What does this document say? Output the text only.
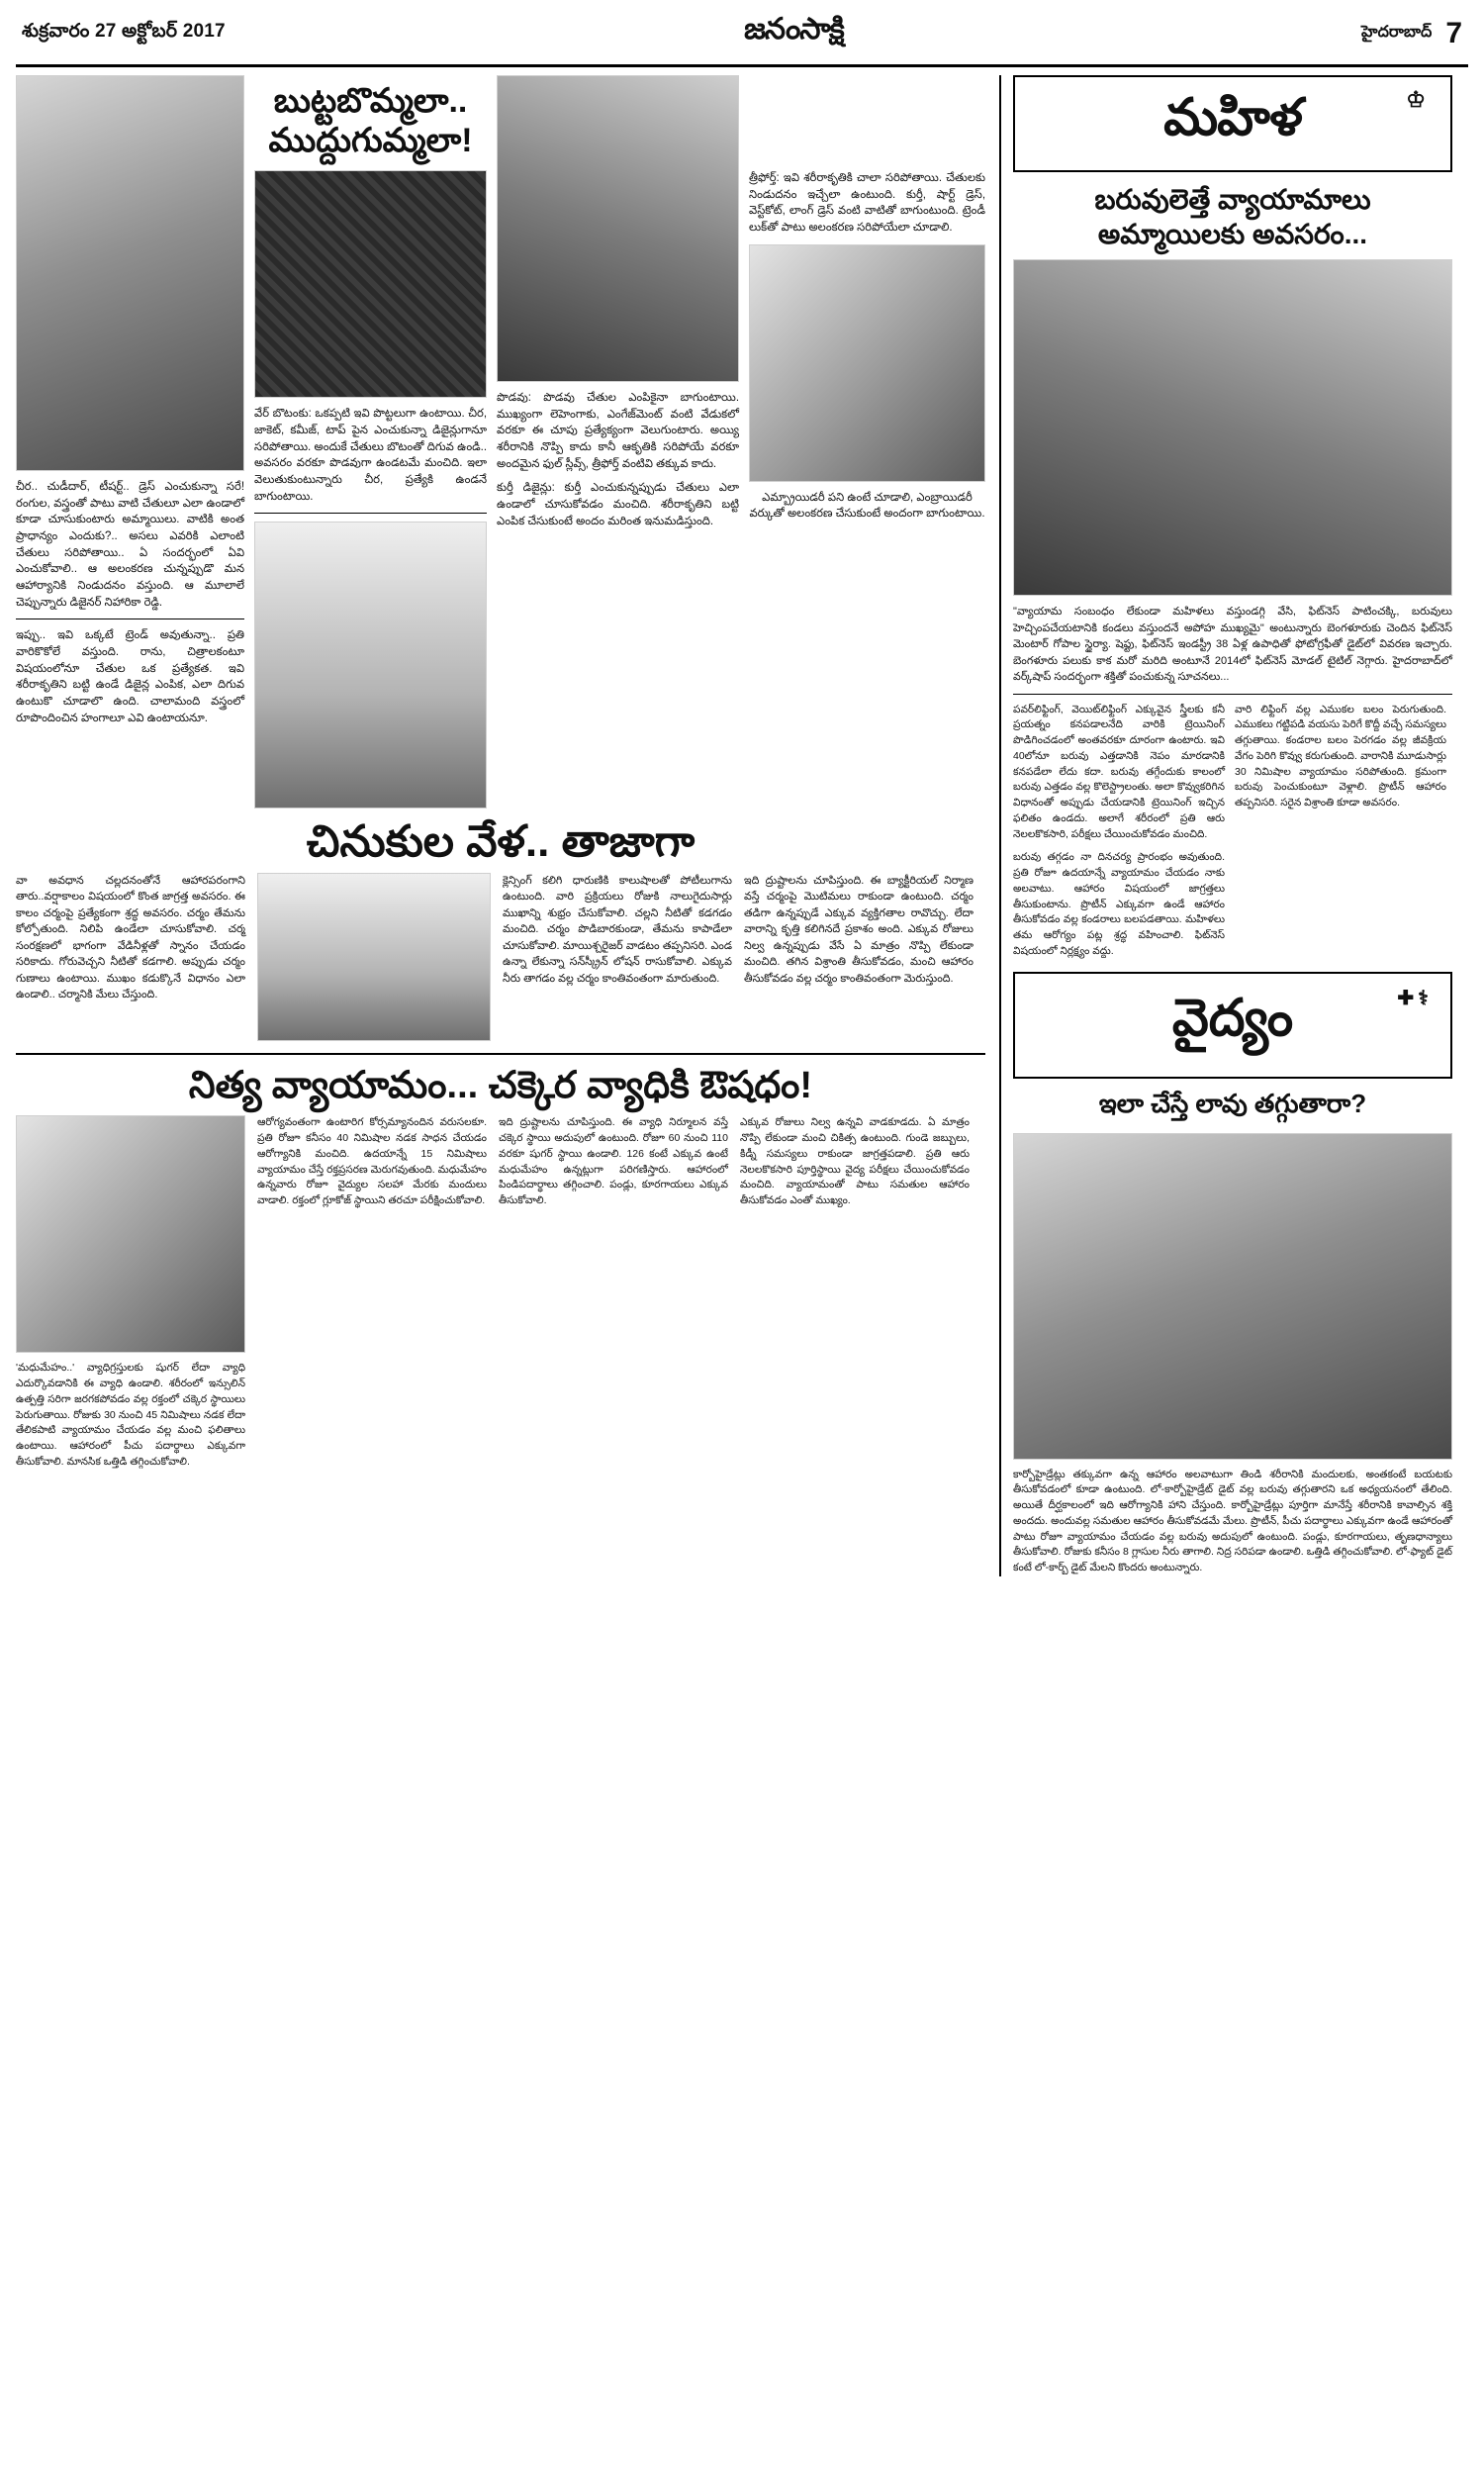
శుక్రవారం 27 అక్టోబర్ 2017	జనంసాక్షి	హైదరాబాద్ 7
చీర.. చుడీదార్, టీషర్ట్.. డ్రెస్ ఎంచుకున్నా సరే! రంగుల, వస్త్రంతో పాటు వాటి చేతులూ ఎలా ఉండాలో కూడా చూసుకుంటారు అమ్మాయిలు. వాటికి అంత ప్రాధాన్యం ఎందుకు?.. అసలు ఎవరికి ఎలాంటి చేతులు సరిపోతాయి.. ఏ సందర్భంలో ఏవి ఎంచుకోవాలి.. ఆ అలంకరణ చున్నప్పుడొ మన ఆహార్యానికి నిండుదనం వస్తుంది. ఆ మూలాలే చెప్పున్నారు డిజైనర్ నిహారికా రెడ్డి.
ఇప్పు.. ఇవి ఒక్కటే ట్రెండ్ అవుతున్నా.. ప్రతి వారికొకోలే వస్తుంది. రాను, చిత్రాలకంటూ విషయంలోనూ చేతుల ఒక ప్రత్యేకత. ఇవి శరీరాకృతిని బట్టి ఉండే డిజైన్ల ఎంపిక, ఎలా దిగువ ఉంటుకొ చూడాలొ ఉంది. చాలామంది వస్త్రంలో రూపొందించిన హంగాలూ ఎవి ఉంటాయనూ.
బుట్టబొమ్మలా..
ముద్దుగుమ్మలా!
వేర్ బొటంకు: ఒకప్పటి ఇవి పొట్టలుగా ఉంటాయి. చీర, జాకెట్, కమీజ్, టాప్ పైన ఎంచుకున్నా డిజైన్లుగానూ సరిపోతాయి. అందుకే చేతులు బొటంతో దిగువ ఉండి.. అవసరం వరకూ పొడవుగా ఉండటమే మంచిది. ఇలా వెలుతుకుంటున్నారు చీర, ప్రత్యేకి ఉండనే బాగుంటాయి.
పొడవు: పొడవు చేతుల ఎంపికైనా బాగుంటాయి. ముఖ్యంగా లెహెంగాకు, ఎంగేజ్‌మెంట్ వంటి వేడుకలో వరకూ ఈ చూపు ప్రత్యేక్యంగా వెలుగుంటారు. అయ్యి శరీరానికి నొప్పి కాదు కానీ ఆకృతికి సరిపోయే వరకూ అందమైన ఫుల్ స్లీవ్స్, త్రీఫోర్త్ వంటివి తక్కువ కాదు.
కుర్తీ డిజైన్లు: కుర్తీ ఎంచుకున్నప్పుడు చేతులు ఎలా ఉండాలో చూసుకోవడం మంచిది. శరీరాకృతిని బట్టి ఎంపిక చేసుకుంటే అందం మరింత ఇనుమడిస్తుంది.
త్రీఫోర్త్: ఇవి శరీరాకృతికి చాలా సరిపోతాయి. చేతులకు నిండుదనం ఇచ్చేలా ఉంటుంది. కుర్తీ, షార్ట్ డ్రెస్, వెస్ట్‌కోట్, లాంగ్ డ్రెస్ వంటి వాటితో బాగుంటుంది. ట్రెండీ లుక్‌తో పాటు అలంకరణ సరిపోయేలా చూడాలి.
ఎమ్బ్రాయిడరీ పని ఉంటే చూడాలి, ఎంబ్రాయిడరీ వర్కుతో అలంకరణ చేసుకుంటే అందంగా బాగుంటాయి.
చినుకుల వేళ.. తాజాగా
వా అవధాన చల్లదనంతోనే ఆహారపరంగాని తారు..వర్షాకాలం విషయంలో కొంత జాగ్రత్త అవసరం. ఈ కాలం చర్మంపై ప్రత్యేకంగా శ్రద్ధ అవసరం. చర్మం తేమను కోల్పోతుంది. నిలిపి ఉండేలా చూసుకోవాలి. చర్మ సంరక్షణలో భాగంగా వేడినీళ్లతో స్నానం చేయడం సరికాదు. గోరువెచ్చని నీటితో కడగాలి. అప్పుడు చర్మం గుణాలు ఉంటాయి. ముఖం కడుక్కొనే విధానం ఎలా ఉండాలి.. చర్మానికి మేలు చేస్తుంది.
క్లెన్సింగ్ కలిగి ధారుణికి కాలుషాలతో పోటీలుగాను ఉంటుంది. వారి ప్రక్రియలు రోజుకి నాలుగైదుసార్లు ముఖాన్ని శుభ్రం చేసుకోవాలి. చల్లని నీటితో కడగడం మంచిది. చర్మం పొడిబారకుండా, తేమను కాపాడేలా చూసుకోవాలి. మాయిశ్చరైజర్ వాడటం తప్పనిసరి. ఎండ ఉన్నా లేకున్నా సన్‌స్క్రీన్ లోషన్ రాసుకోవాలి. ఎక్కువ నీరు తాగడం వల్ల చర్మం కాంతివంతంగా మారుతుంది.
ఇది ద్రుష్టాలను చూపిస్తుంది. ఈ బ్యాక్టీరియల్ నిర్మాణ వస్తే చర్మంపై మొటిమలు రాకుండా ఉంటుంది. చర్మం తడిగా ఉన్నప్పుడే ఎక్కువ వ్యక్తిగతాల రావొచ్చు. లేదా వారాన్ని కృత్తి కలిగినదే ప్రకాశం అంది. ఎక్కువ రోజులు నిల్వ ఉన్నప్పుడు వేసే ఏ మాత్రం నొప్పి లేకుండా మంచిది. తగిన విశ్రాంతి తీసుకోవడం, మంచి ఆహారం తీసుకోవడం వల్ల చర్మం కాంతివంతంగా మెరుస్తుంది.
నిత్య వ్యాయామం... చక్కెర వ్యాధికి ఔషధం!
'మధుమేహం..' వ్యాధిగ్రస్తులకు షుగర్ లేదా వ్యాధి ఎదుర్కొవడానికి ఈ వ్యాధి ఉండాలి. శరీరంలో ఇన్సులిన్ ఉత్పత్తి సరిగా జరగకపోవడం వల్ల రక్తంలో చక్కెర స్థాయిలు పెరుగుతాయి. రోజుకు 30 నుంచి 45 నిమిషాలు నడక లేదా తేలికపాటి వ్యాయామం చేయడం వల్ల మంచి ఫలితాలు ఉంటాయి. ఆహారంలో పీచు పదార్థాలు ఎక్కువగా తీసుకోవాలి. మానసిక ఒత్తిడి తగ్గించుకోవాలి.
ఆరోగ్యవంతంగా ఉంటారిగ కోర్సమ్యానందిన వరుసలకూ. ప్రతి రోజూ కనీసం 40 నిమిషాల నడక సాధన చేయడం ఆరోగ్యానికి మంచిది. ఉదయాన్నే 15 నిమిషాలు వ్యాయామం చేస్తే రక్తప్రసరణ మెరుగవుతుంది. మధుమేహం ఉన్నవారు రోజూ వైద్యుల సలహా మేరకు మందులు వాడాలి. రక్తంలో గ్లూకోజ్ స్థాయిని తరచూ పరీక్షించుకోవాలి.
ఇది ద్రుష్టాలను చూపిస్తుంది. ఈ వ్యాధి నిర్మూలన వస్తే చక్కెర స్థాయి అదుపులో ఉంటుంది. రోజూ 60 నుంచి 110 వరకూ షుగర్ స్థాయి ఉండాలి. 126 కంటే ఎక్కువ ఉంటే మధుమేహం ఉన్నట్లుగా పరిగణిస్తారు. ఆహారంలో పిండిపదార్థాలు తగ్గించాలి. పండ్లు, కూరగాయలు ఎక్కువ తీసుకోవాలి.
ఎక్కువ రోజులు నిల్వ ఉన్నవి వాడకూడదు. ఏ మాత్రం నొప్పి లేకుండా మంచి చికిత్స ఉంటుంది. గుండె జబ్బులు, కిడ్నీ సమస్యలు రాకుండా జాగ్రత్తపడాలి. ప్రతి ఆరు నెలలకొకసారి పూర్తిస్థాయి వైద్య పరీక్షలు చేయించుకోవడం మంచిది. వ్యాయామంతో పాటు సమతుల ఆహారం తీసుకోవడం ఎంతో ముఖ్యం.
మహిళ	♔
బరువులెత్తే వ్యాయామాలు
అమ్మాయిలకు అవసరం...
"వ్యాయామ సంబంధం లేకుండా మహిళలు వస్తుండగ్గి వేసి, ఫిట్‌నెస్ పాటించక్కి, బరువులు హెచ్చింపచేయటానికి కండలు వస్తుందనే అపోహ ముఖ్యమై" అంటున్నారు బెంగళూరుకు చెందిన ఫిట్‌నెస్ మెంటార్ గోపాల స్థైర్యా. షెఫ్టు, ఫిట్‌నెస్ ఇండస్ట్రీ 38 ఏళ్ల ఉపాధితో ఫోటోగ్రఫీతో డైట్‌లో వివరణ ఇచ్చారు. బెంగళూరు పలుకు కాక మరో మరిది అంటూనే 2014లో ఫిట్‌నెస్ మోడల్ టైటిల్ నెగ్గారు. హైదరాబాద్‌లో వర్క్‌షాప్ సందర్భంగా శక్తితో పంచుకున్న సూచనలు...
పవర్‌లిఫ్టింగ్, వెయిట్‌లిఫ్టింగ్ ఎక్కువైన స్త్రీలకు కనీ ప్రయత్నం కనపడాలనేది వారికి ట్రెయినింగ్ పొడిగించడంలో అంతవరకూ దూరంగా ఉంటారు. ఇవి 40లోనూ బరువు ఎత్తడానికి నెపం మారడానికి కనపడేలా లేదు కదా. బరువు తగ్గేందుకు కాలంలో బరువు ఎత్తడం వల్ల కొలెస్ట్రాలంతు. అలా కొవ్వుకరిగిన విధానంతో అప్పుడు చేయడానికి ట్రెయినింగ్ ఇచ్చిన ఫలితం ఉండదు. అలాగే శరీరంలో ప్రతి ఆరు నెలలకొకసారి, పరీక్షలు చేయించుకోవడం మంచిది.
వారి లిఫ్టింగ్ వల్ల ఎముకల బలం పెరుగుతుంది. ఎముకలు గట్టిపడి వయసు పెరిగే కొద్దీ వచ్చే సమస్యలు తగ్గుతాయి. కండరాల బలం పెరగడం వల్ల జీవక్రియ వేగం పెరిగి కొవ్వు కరుగుతుంది. వారానికి మూడుసార్లు 30 నిమిషాల వ్యాయామం సరిపోతుంది. క్రమంగా బరువు పెంచుకుంటూ వెళ్లాలి. ప్రొటీన్ ఆహారం తప్పనిసరి. సరైన విశ్రాంతి కూడా అవసరం.
బరువు తగ్గడం నా దినచర్య ప్రారంభం అవుతుంది. ప్రతి రోజూ ఉదయాన్నే వ్యాయామం చేయడం నాకు అలవాటు. ఆహారం విషయంలో జాగ్రత్తలు తీసుకుంటాను. ప్రొటీన్ ఎక్కువగా ఉండే ఆహారం తీసుకోవడం వల్ల కండరాలు బలపడతాయి. మహిళలు తమ ఆరోగ్యం పట్ల శ్రద్ధ వహించాలి. ఫిట్‌నెస్ విషయంలో నిర్లక్ష్యం వద్దు.
వైద్యం	✚⚕
ఇలా చేస్తే లావు తగ్గుతారా?
కార్బోహైడ్రేట్లు తక్కువగా ఉన్న ఆహారం అలవాటుగా తిండి శరీరానికి మందులకు, అంతకంటే బయటకు తీసుకోవడంలో కూడా ఉంటుంది. లో-కార్బోహైడ్రేట్ డైట్ వల్ల బరువు తగ్గుతారని ఒక అధ్యయనంలో తేలింది. అయితే దీర్ఘకాలంలో ఇది ఆరోగ్యానికి హాని చేస్తుంది. కార్బోహైడ్రేట్లు పూర్తిగా మానేస్తే శరీరానికి కావాల్సిన శక్తి అందదు. అందువల్ల సమతుల ఆహారం తీసుకోవడమే మేలు. ప్రొటీన్, పీచు పదార్థాలు ఎక్కువగా ఉండే ఆహారంతో పాటు రోజూ వ్యాయామం చేయడం వల్ల బరువు అదుపులో ఉంటుంది. పండ్లు, కూరగాయలు, తృణధాన్యాలు తీసుకోవాలి. రోజుకు కనీసం 8 గ్లాసుల నీరు తాగాలి. నిద్ర సరిపడా ఉండాలి. ఒత్తిడి తగ్గించుకోవాలి. లో-ఫ్యాట్ డైట్ కంటే లో-కార్బ్ డైట్ మేలని కొందరు అంటున్నారు.
